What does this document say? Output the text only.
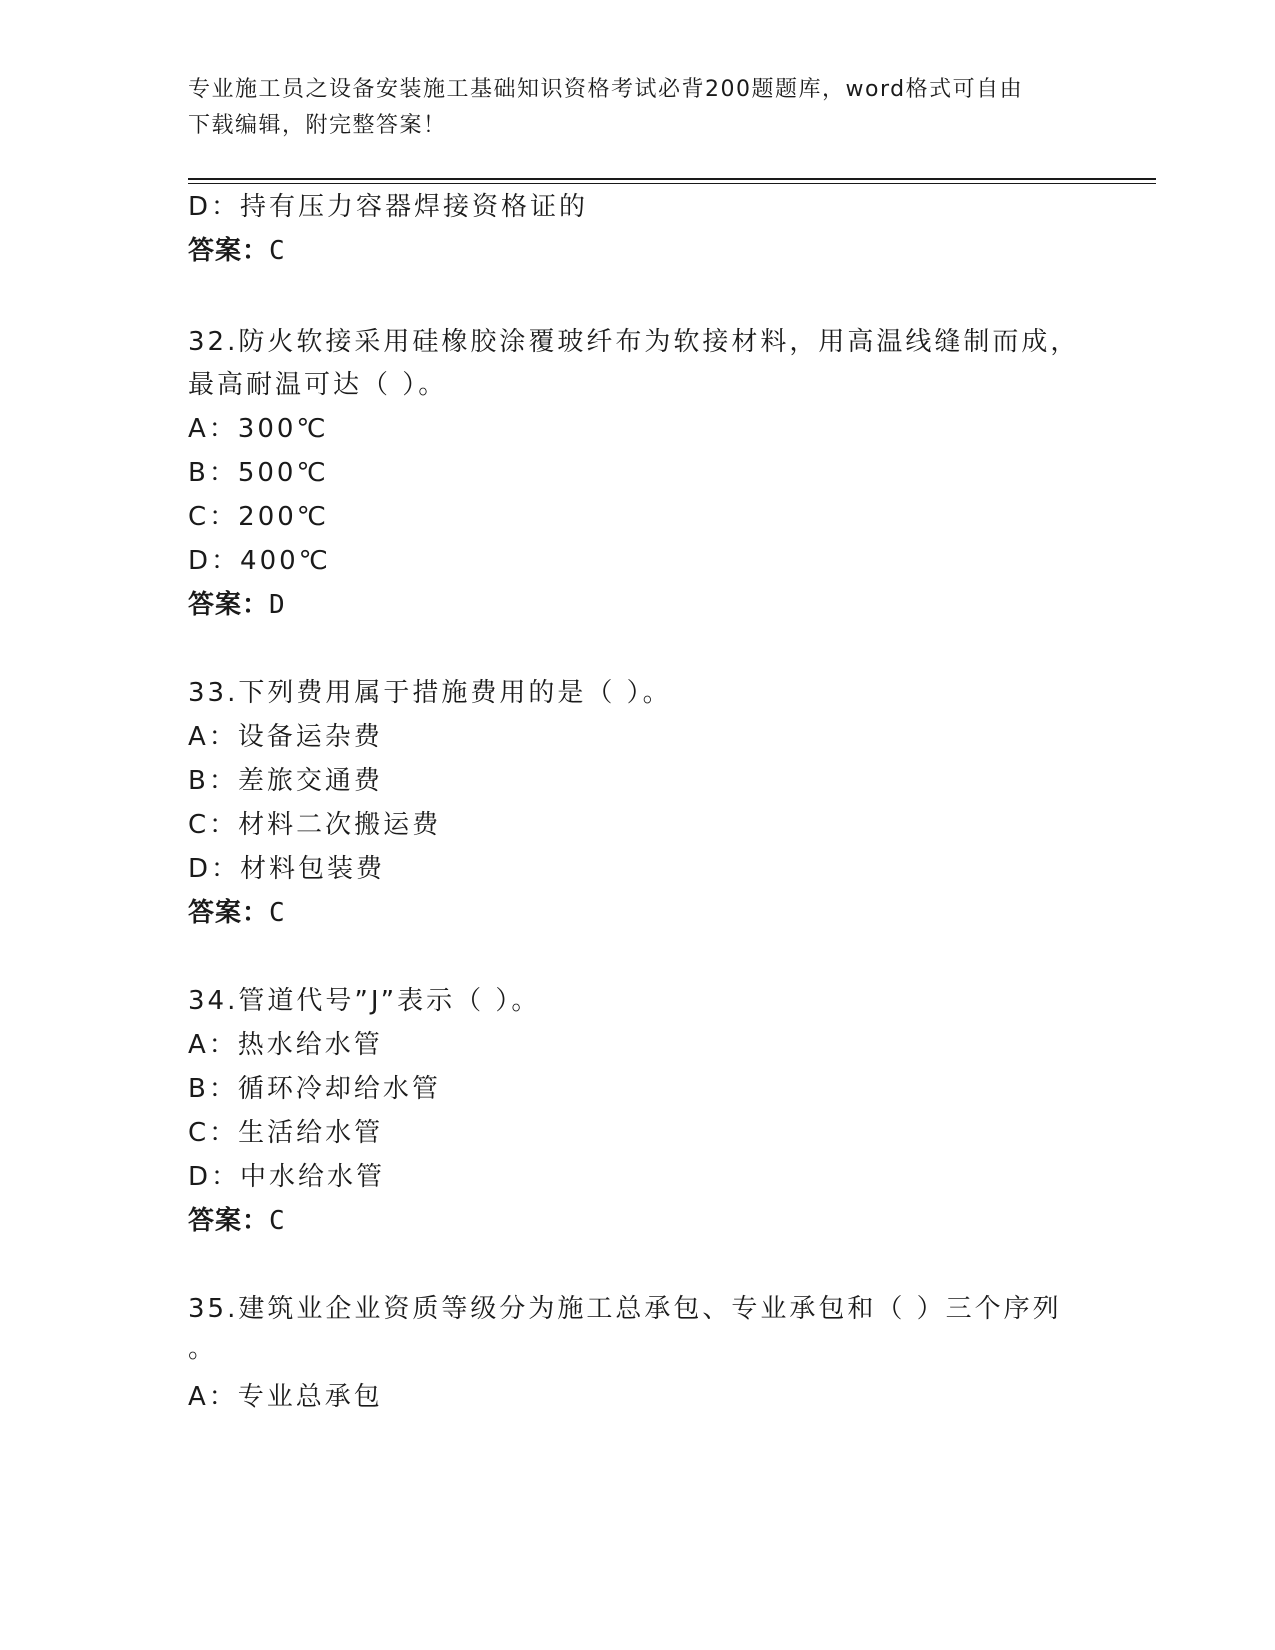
专业施工员之设备安装施工基础知识资格考试必背200题题库，word格式可自由
下载编辑，附完整答案！
D：持有压力容器焊接资格证的
答案：C
32.防火软接采用硅橡胶涂覆玻纤布为软接材料，用高温线缝制而成，
最高耐温可达（ ）。
A：300℃
B：500℃
C：200℃
D：400℃
答案：D
33.下列费用属于措施费用的是（ ）。
A：设备运杂费
B：差旅交通费
C：材料二次搬运费
D：材料包装费
答案：C
34.管道代号”J”表示（ ）。
A：热水给水管
B：循环冷却给水管
C：生活给水管
D：中水给水管
答案：C
35.建筑业企业资质等级分为施工总承包、专业承包和（ ）三个序列
。
A：专业总承包
